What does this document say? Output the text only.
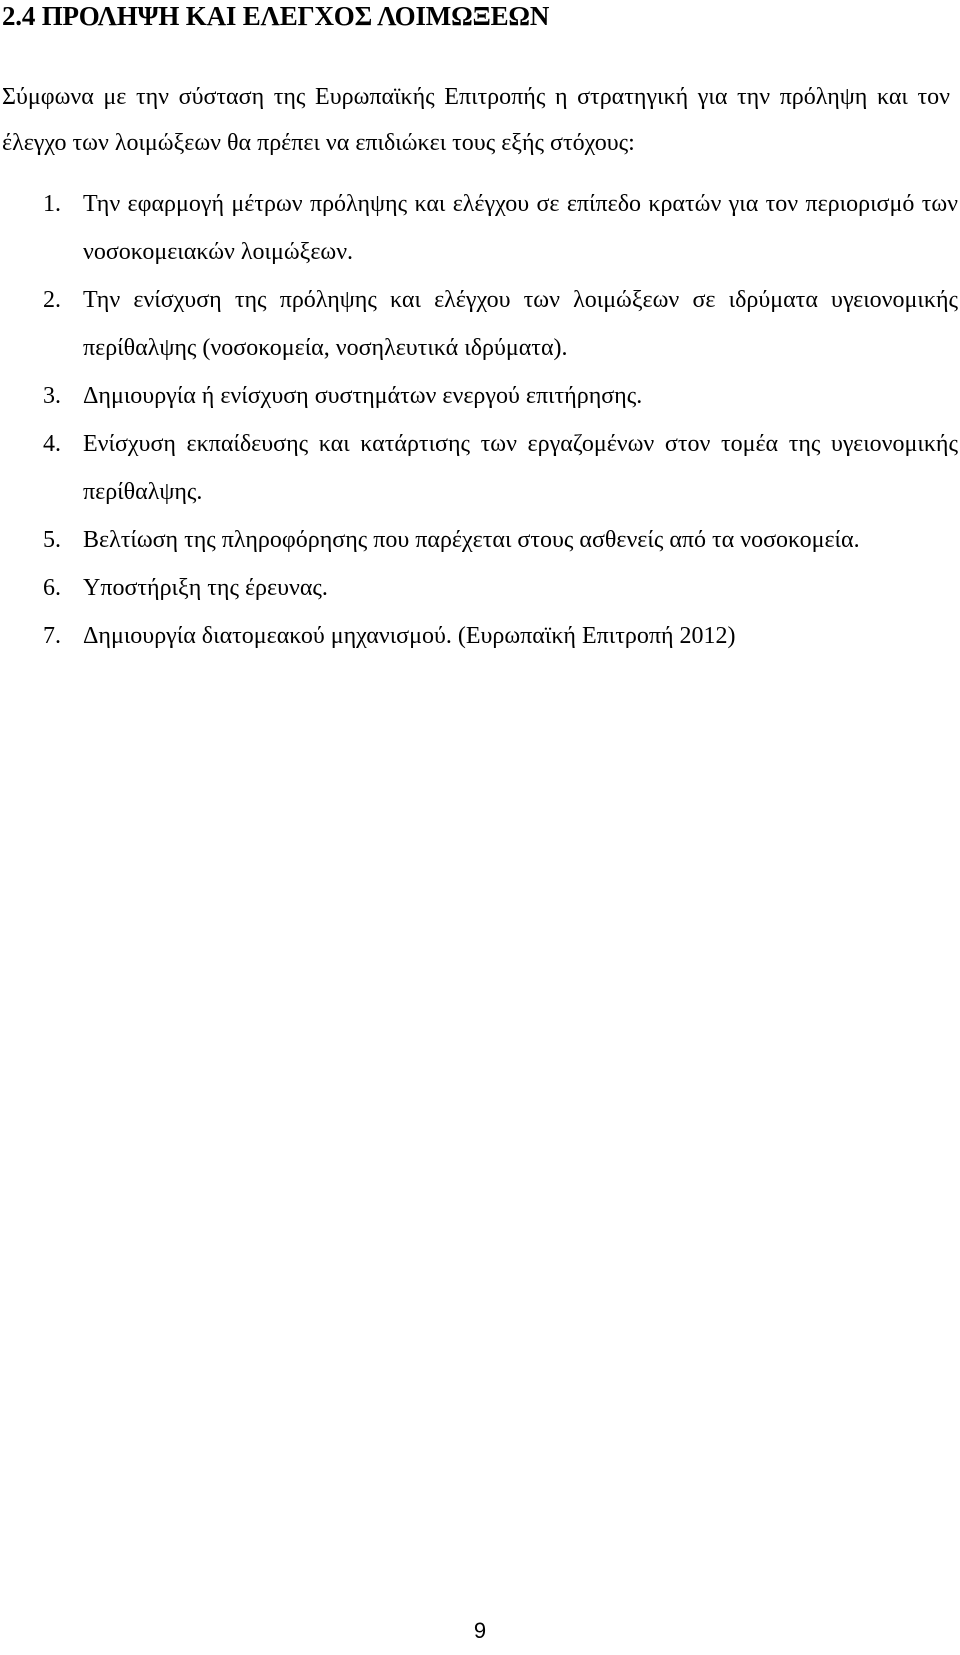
2.4 ΠΡΟΛΗΨΗ ΚΑΙ ΕΛΕΓΧΟΣ ΛΟΙΜΩΞΕΩΝ

Σύμφωνα με την σύσταση της Ευρωπαϊκής Επιτροπής η στρατηγική για την πρόληψη και τον έλεγχο των λοιμώξεων θα πρέπει να επιδιώκει τους εξής στόχους:

1. Την εφαρμογή μέτρων πρόληψης και ελέγχου σε επίπεδο κρατών για τον περιορισμό των νοσοκομειακών λοιμώξεων.
2. Την ενίσχυση της πρόληψης και ελέγχου των λοιμώξεων σε ιδρύματα υγειονομικής περίθαλψης (νοσοκομεία, νοσηλευτικά ιδρύματα).
3. Δημιουργία ή ενίσχυση συστημάτων ενεργού επιτήρησης.
4. Ενίσχυση εκπαίδευσης και κατάρτισης των εργαζομένων στον τομέα της υγειονομικής περίθαλψης.
5. Βελτίωση της πληροφόρησης που παρέχεται στους ασθενείς από τα νοσοκομεία.
6. Υποστήριξη της έρευνας.
7. Δημιουργία διατομεακού μηχανισμού. (Ευρωπαϊκή Επιτροπή 2012)
9
